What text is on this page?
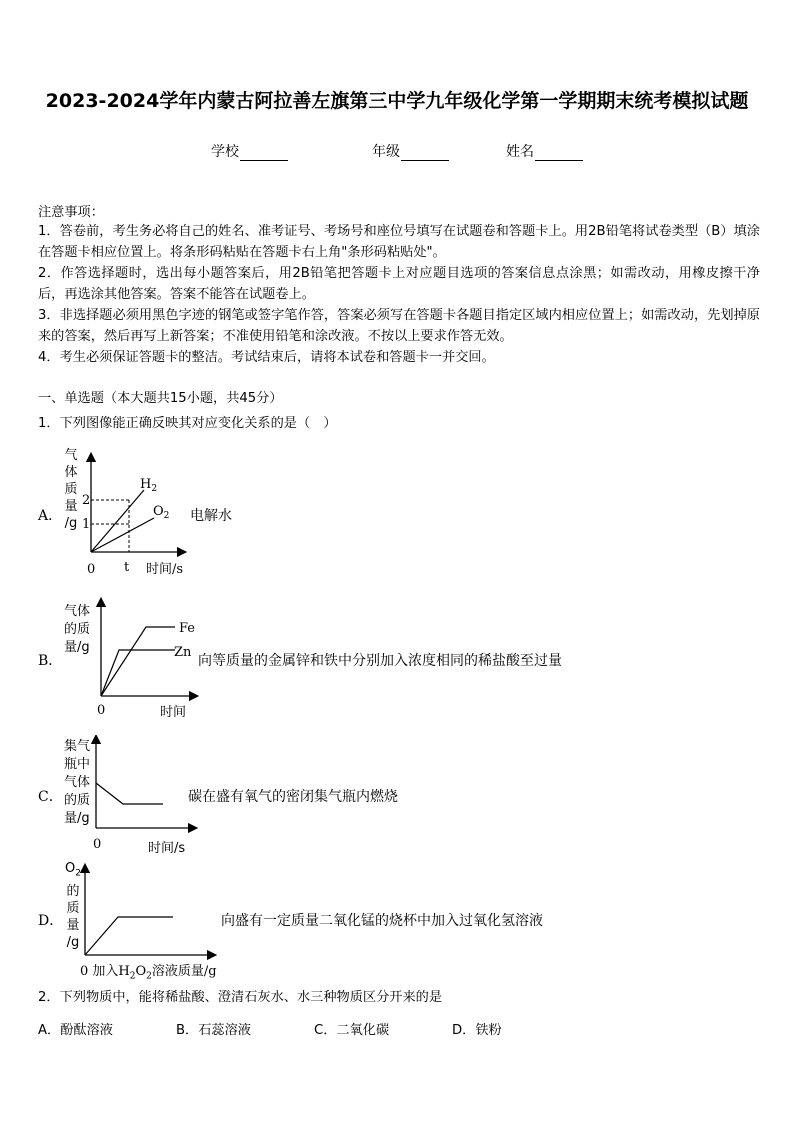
2023-2024学年内蒙古阿拉善左旗第三中学九年级化学第一学期期末统考模拟试题
学校	年级	姓名
注意事项：
1．答卷前，考生务必将自己的姓名、准考证号、考场号和座位号填写在试题卷和答题卡上。用2B铅笔将试卷类型（B）填涂在答题卡相应位置上。将条形码粘贴在答题卡右上角"条形码粘贴处"。
2．作答选择题时，选出每小题答案后，用2B铅笔把答题卡上对应题目选项的答案信息点涂黑；如需改动，用橡皮擦干净后，再选涂其他答案。答案不能答在试题卷上。
3．非选择题必须用黑色字迹的钢笔或签字笔作答，答案必须写在答题卡各题目指定区域内相应位置上；如需改动，先划掉原来的答案，然后再写上新答案；不准使用铅笔和涂改液。不按以上要求作答无效。
4．考生必须保证答题卡的整洁。考试结束后，请将本试卷和答题卡一并交回。
一、单选题（本大题共15小题，共45分）
1．下列图像能正确反映其对应变化关系的是（　）
A．
2
1
$H_2$
$O_2$
0 t 时间/s
气
体
质
量
/g	电解水
B．
气体
的质
量/g
Fe
Zn
0	时间
向等质量的金属锌和铁中分别加入浓度相同的稀盐酸至过量
C．
集气
瓶中
气体
的质
量/g
0	时间/s
碳在盛有氧气的密闭集气瓶内燃烧
D．
$O_2$
的
质
量
/g
0 加入$H_2O_2$溶液质量/g
向盛有一定质量二氧化锰的烧杯中加入过氧化氢溶液
2．下列物质中，能将稀盐酸、澄清石灰水、水三种物质区分开来的是
A．酚酞溶液	B．石蕊溶液	C．二氧化碳	D．铁粉
